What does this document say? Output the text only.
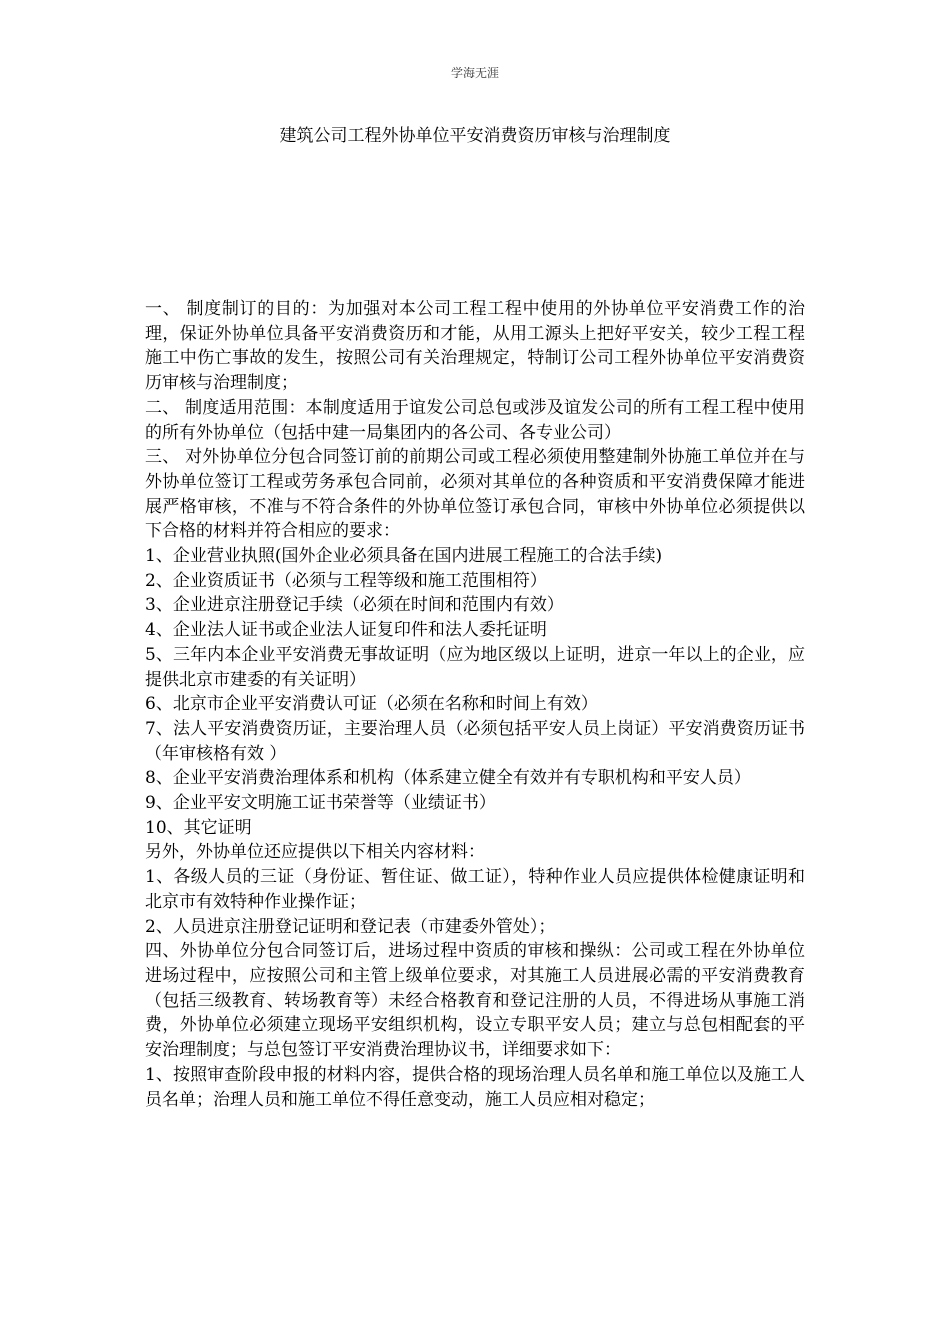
学海无涯
建筑公司工程外协单位平安消费资历审核与治理制度

一、 制度制订的目的：为加强对本公司工程工程中使用的外协单位平安消费工作的治理，保证外协单位具备平安消费资历和才能，从用工源头上把好平安关，较少工程工程施工中伤亡事故的发生，按照公司有关治理规定，特制订公司工程外协单位平安消费资历审核与治理制度；

二、 制度适用范围：本制度适用于谊发公司总包或涉及谊发公司的所有工程工程中使用的所有外协单位（包括中建一局集团内的各公司、各专业公司）

三、 对外协单位分包合同签订前的前期公司或工程必须使用整建制外协施工单位并在与外协单位签订工程或劳务承包合同前，必须对其单位的各种资质和平安消费保障才能进展严格审核，不准与不符合条件的外协单位签订承包合同，审核中外协单位必须提供以下合格的材料并符合相应的要求：

1、企业营业执照(国外企业必须具备在国内进展工程施工的合法手续)

2、企业资质证书（必须与工程等级和施工范围相符）

3、企业进京注册登记手续（必须在时间和范围内有效）

4、企业法人证书或企业法人证复印件和法人委托证明

5、三年内本企业平安消费无事故证明（应为地区级以上证明，进京一年以上的企业，应提供北京市建委的有关证明）

6、北京市企业平安消费认可证（必须在名称和时间上有效）

7、法人平安消费资历证，主要治理人员（必须包括平安人员上岗证）平安消费资历证书（年审核格有效 ）

8、企业平安消费治理体系和机构（体系建立健全有效并有专职机构和平安人员）

9、企业平安文明施工证书荣誉等（业绩证书）

10、其它证明

另外，外协单位还应提供以下相关内容材料：

1、各级人员的三证（身份证、暂住证、做工证），特种作业人员应提供体检健康证明和北京市有效特种作业操作证；

2、人员进京注册登记证明和登记表（市建委外管处）；

四、外协单位分包合同签订后，进场过程中资质的审核和操纵：公司或工程在外协单位进场过程中，应按照公司和主管上级单位要求，对其施工人员进展必需的平安消费教育（包括三级教育、转场教育等）未经合格教育和登记注册的人员，不得进场从事施工消费，外协单位必须建立现场平安组织机构，设立专职平安人员；建立与总包相配套的平安治理制度；与总包签订平安消费治理协议书，详细要求如下：

1、按照审查阶段申报的材料内容，提供合格的现场治理人员名单和施工单位以及施工人员名单；治理人员和施工单位不得任意变动，施工人员应相对稳定；
